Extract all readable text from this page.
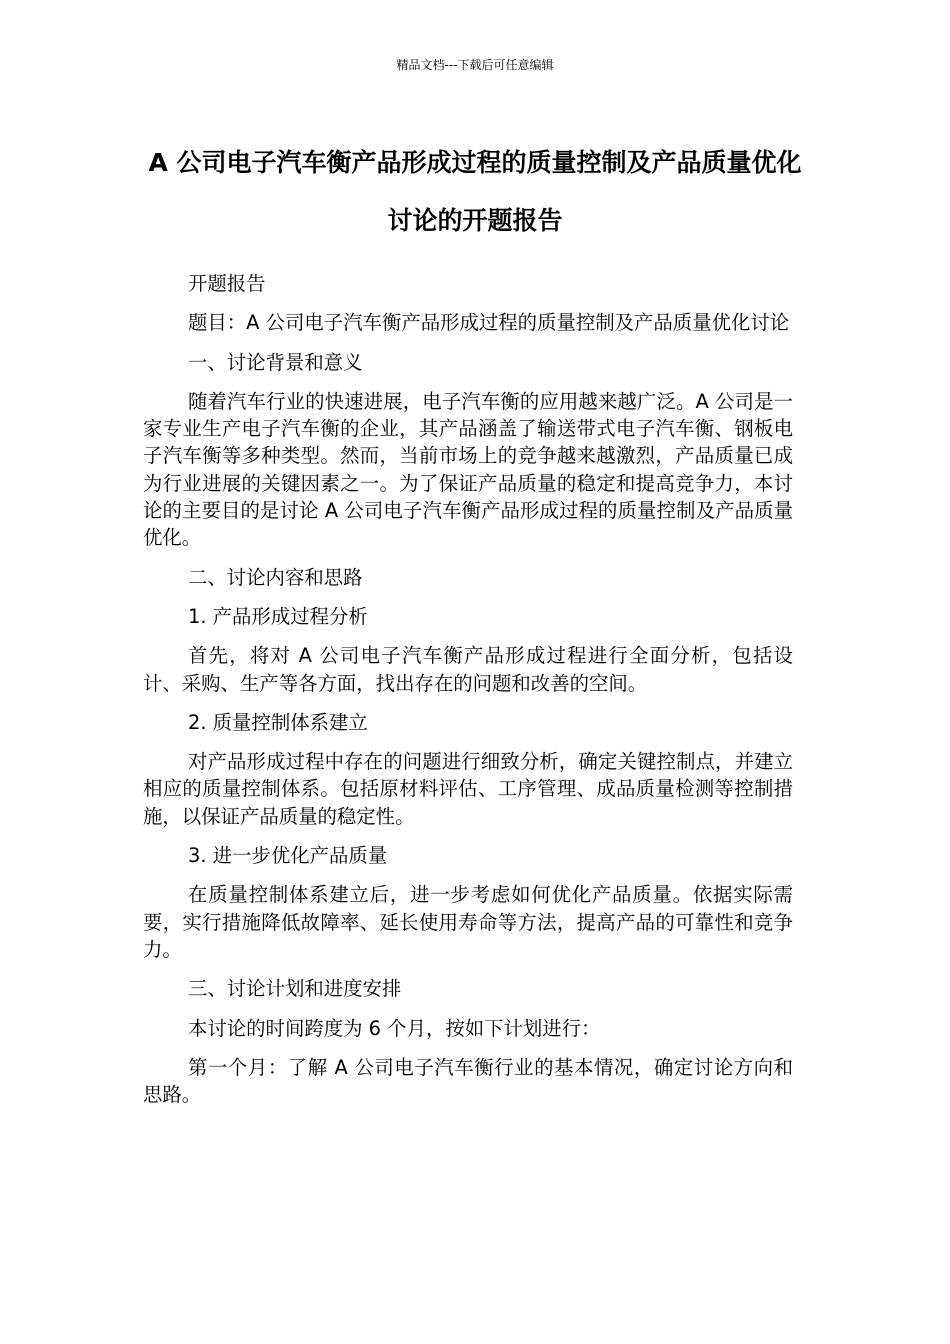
精品文档---下载后可任意编辑
A 公司电子汽车衡产品形成过程的质量控制及产品质量优化讨论的开题报告

开题报告

题目：A 公司电子汽车衡产品形成过程的质量控制及产品质量优化讨论

一、讨论背景和意义

随着汽车行业的快速进展，电子汽车衡的应用越来越广泛。A 公司是一家专业生产电子汽车衡的企业，其产品涵盖了输送带式电子汽车衡、钢板电子汽车衡等多种类型。然而，当前市场上的竞争越来越激烈，产品质量已成为行业进展的关键因素之一。为了保证产品质量的稳定和提高竞争力，本讨论的主要目的是讨论 A 公司电子汽车衡产品形成过程的质量控制及产品质量优化。

二、讨论内容和思路

1. 产品形成过程分析

首先，将对 A 公司电子汽车衡产品形成过程进行全面分析，包括设计、采购、生产等各方面，找出存在的问题和改善的空间。

2. 质量控制体系建立

对产品形成过程中存在的问题进行细致分析，确定关键控制点，并建立相应的质量控制体系。包括原材料评估、工序管理、成品质量检测等控制措施，以保证产品质量的稳定性。

3. 进一步优化产品质量

在质量控制体系建立后，进一步考虑如何优化产品质量。依据实际需要，实行措施降低故障率、延长使用寿命等方法，提高产品的可靠性和竞争力。

三、讨论计划和进度安排

本讨论的时间跨度为 6 个月，按如下计划进行：

第一个月：了解 A 公司电子汽车衡行业的基本情况，确定讨论方向和思路。
